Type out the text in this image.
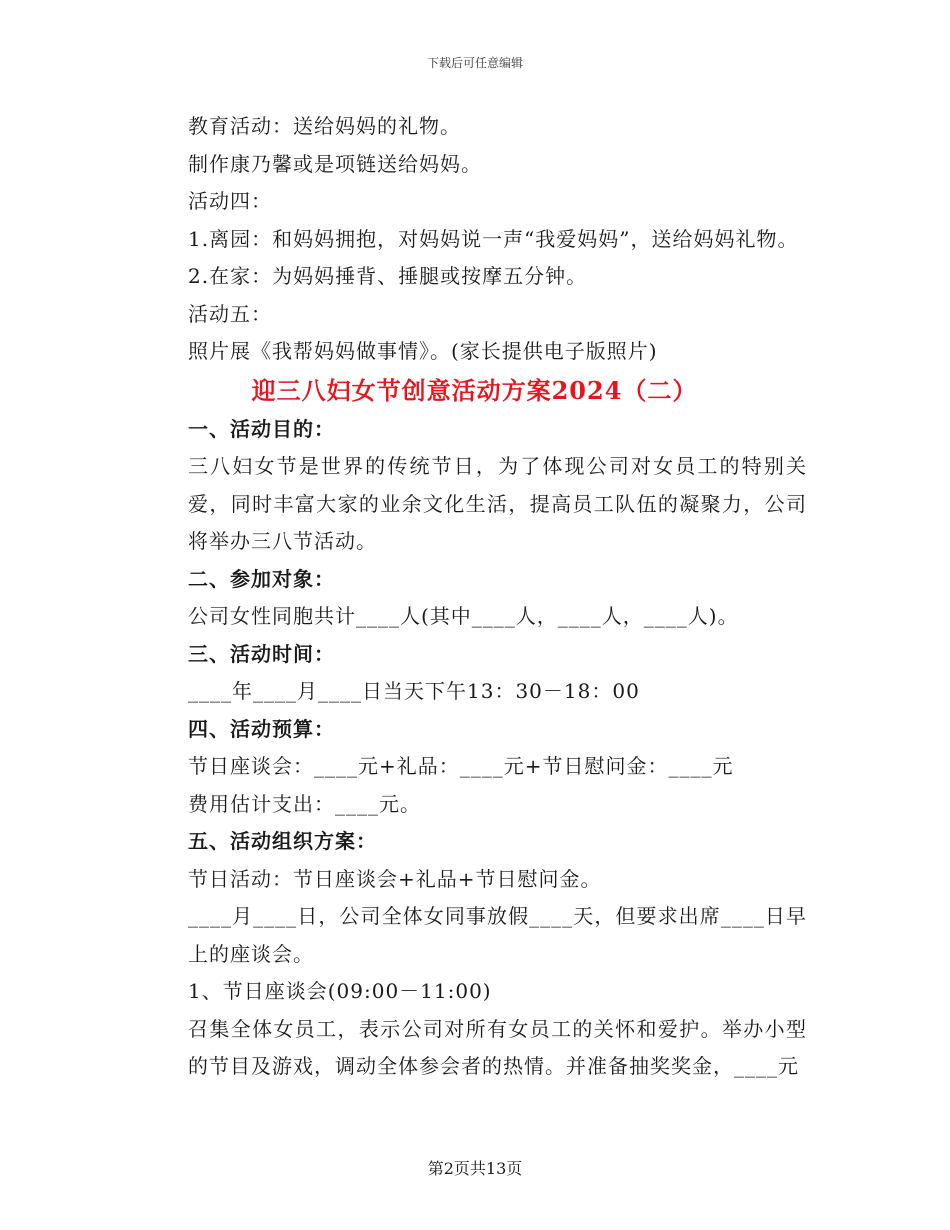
下载后可任意编辑

教育活动：送给妈妈的礼物。

制作康乃馨或是项链送给妈妈。

活动四：

1.离园：和妈妈拥抱，对妈妈说一声“我爱妈妈”，送给妈妈礼物。

2.在家：为妈妈捶背、捶腿或按摩五分钟。

活动五：

照片展《我帮妈妈做事情》。(家长提供电子版照片)

迎三八妇女节创意活动方案2024（二）

一、活动目的：

三八妇女节是世界的传统节日，为了体现公司对女员工的特别关爱，同时丰富大家的业余文化生活，提高员工队伍的凝聚力，公司将举办三八节活动。

二、参加对象：

公司女性同胞共计____人(其中____人，____人，____人)。

三、活动时间：

____年____月____日当天下午13：30－18：00

四、活动预算：

节日座谈会：____元+礼品：____元+节日慰问金：____元

费用估计支出：____元。

五、活动组织方案：

节日活动：节日座谈会+礼品+节日慰问金。

____月____日，公司全体女同事放假____天，但要求出席____日早上的座谈会。

1、节日座谈会(09:00－11:00)

召集全体女员工，表示公司对所有女员工的关怀和爱护。举办小型的节目及游戏，调动全体参会者的热情。并准备抽奖奖金，____元

第2页共13页
